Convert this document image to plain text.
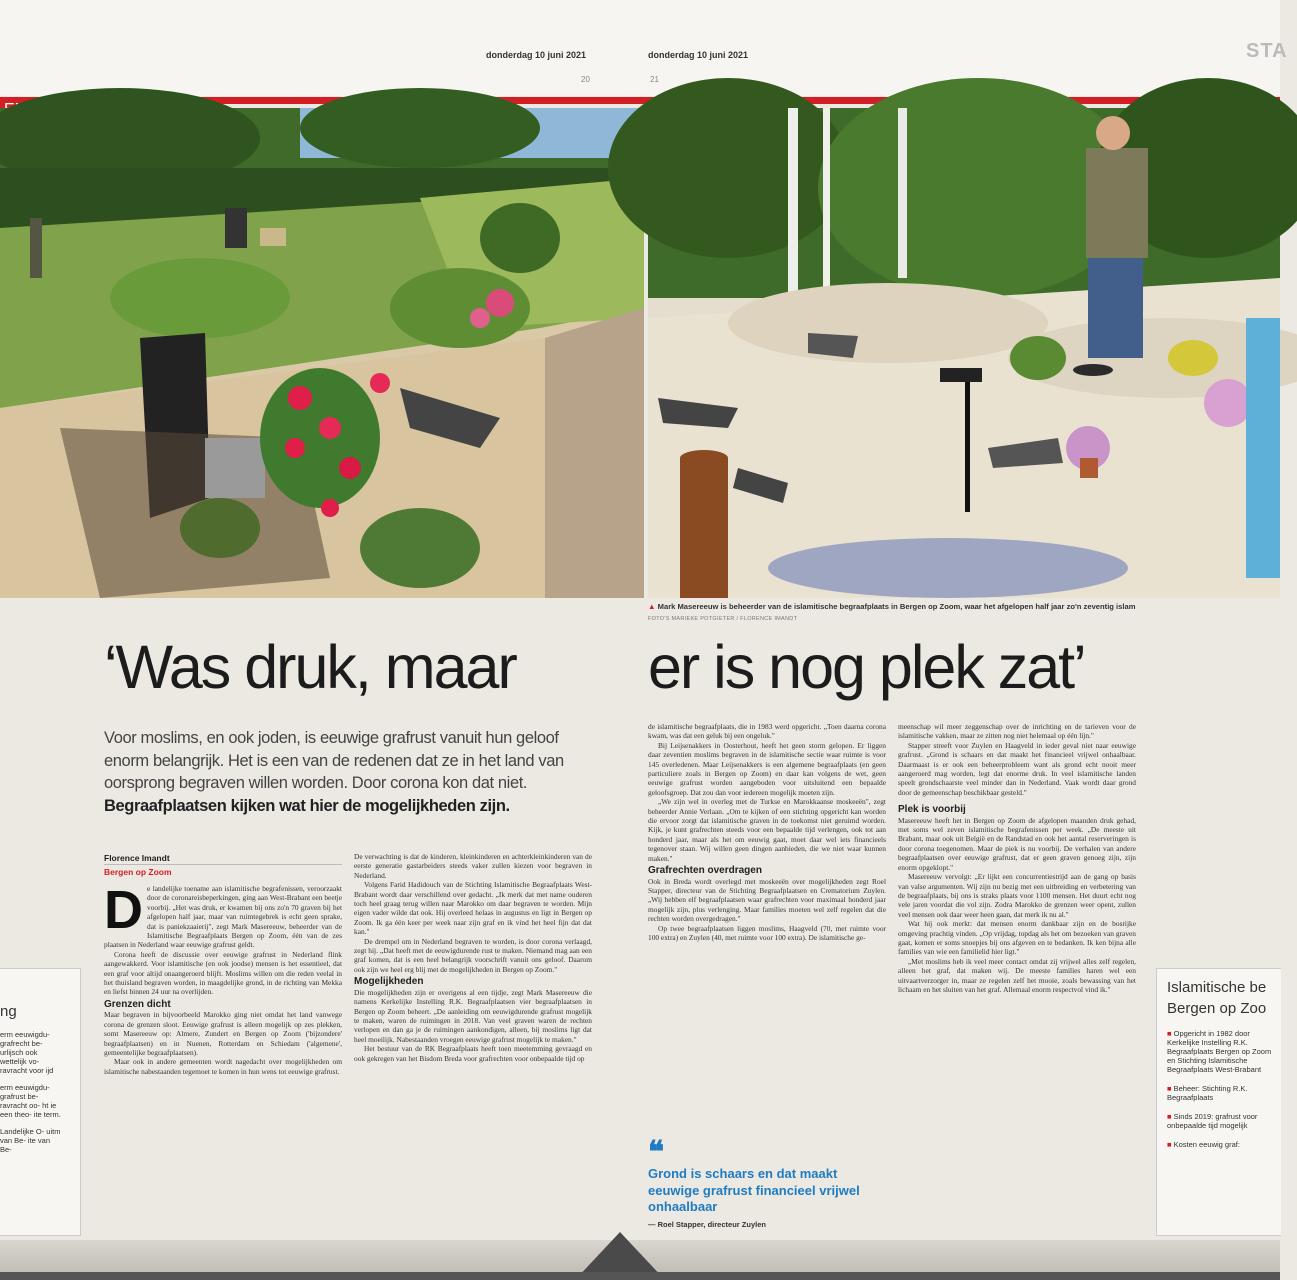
donderdag 10 juni 2021
20
donderdag 10 juni 2021
21
STA
▲ Mark Masereeuw is beheerder van de islamitische begraafplaats in Bergen op Zoom, waar het afgelopen half jaar zo'n zeventig islam
FOTO'S MARIEKE POTGIETER / FLORENCE IMANDT
‘Was druk, maar er is nog plek zat’
Voor moslims, en ook joden, is eeuwige grafrust vanuit hun geloof enorm belangrijk. Het is een van de redenen dat ze in het land van oorsprong begraven willen worden. Door corona kon dat niet. Begraafplaatsen kijken wat hier de mogelijkheden zijn.
Florence Imandt
Bergen op Zoom
D e landelijke toename aan islamitische begrafenissen, veroorzaakt door de coronareisbeperkingen, ging aan West-Brabant een beetje voorbij. „Het was druk, er kwamen bij ons zo'n 70 graven bij het afgelopen half jaar, maar van ruimtegebrek is echt geen sprake, dat is paniekzaaierij", zegt Mark Masereeuw, beheerder van de Islamitische Begraafplaats Bergen op Zoom, één van de zes plaatsen in Nederland waar eeuwige grafrust geldt.

Corona heeft de discussie over eeuwige grafrust in Nederland flink aangewakkerd. Voor islamitische (en ook joodse) mensen is het essentieel, dat een graf voor altijd onaangeroerd blijft. Moslims willen om die reden veelal in het thuisland begraven worden, in maagdelijke grond, in de richting van Mekka en liefst binnen 24 uur na overlijden.

Grenzen dicht

Maar begraven in bijvoorbeeld Marokko ging niet omdat het land vanwege corona de grenzen sloot. Eeuwige grafrust is alleen mogelijk op zes plekken, somt Masereeuw op: Almere, Zundert en Bergen op Zoom ('bijzondere' begraafplaatsen) en in Nuenen, Rotterdam en Schiedam ('algemene', gemeentelijke begraafplaatsen).

Maar ook in andere gemeenten wordt nagedacht over mogelijkheden om islamitische nabestaanden tegemoet te komen in hun wens tot eeuwige grafrust.

De verwachting is dat de kinderen, kleinkinderen en achterkleinkinderen van de eerste generatie gastarbeiders steeds vaker zullen kiezen voor begraven in Nederland.

Volgens Farid Hadidouch van de Stichting Islamitische Begraafplaats West-Brabant wordt daar verschillend over gedacht. „Ik merk dat met name ouderen toch heel graag terug willen naar Marokko om daar begraven te worden. Mijn eigen vader wilde dat ook. Hij overleed helaas in augustus en ligt in Bergen op Zoom. Ik ga één keer per week naar zijn graf en ik vind het heel fijn dat dat kan."

De drempel om in Nederland begraven te worden, is door corona verlaagd, zegt hij. „Dat heeft met de eeuwigdurende rust te maken. Niemand mag aan een graf komen, dat is een heel belangrijk voorschrift vanuit ons geloof. Daarom ook zijn we heel erg blij met de mogelijkheden in Bergen op Zoom."

Mogelijkheden

Die mogelijkheden zijn er overigens al een tijdje, zegt Mark Masereeuw die namens Kerkelijke Instelling R.K. Begraafplaatsen vier begraafplaatsen in Bergen op Zoom beheert. „De aanleiding om eeuwigdurende grafrust mogelijk te maken, waren de ruimingen in 2018. Van veel graven waren de rechten verlopen en dan ga je de ruimingen aankondigen, alleen, bij moslims ligt dat heel moeilijk. Nabestaanden vroegen eeuwige grafrust mogelijk te maken."

Het bestuur van de RK Begraafplaats heeft toen meetemming gevraagd en ook gekregen van het Bisdom Breda voor grafrechten voor onbepaalde tijd op

de islamitische begraafplaats, die in 1983 werd opgericht. „Toen daarna corona kwam, was dat een geluk bij een ongeluk."

Bij Leijsenakkers in Oosterhout, heeft het geen storm gelopen. Er liggen daar zeventien moslims begraven in de islamitische sectie waar ruimte is voor 145 overledenen. Maar Leijsenakkers is een algemene begraafplaats (en geen particuliere zoals in Bergen op Zoom) en daar kan volgens de wet, geen eeuwige grafrust worden aangeboden voor uitsluitend een bepaalde geloofsgroep. Dat zou dan voor iedereen mogelijk moeten zijn.

„We zijn wel in overleg met de Turkse en Marokkaanse moskeeën", zegt beheerder Annie Verlaan. „Om te kijken of een stichting opgericht kan worden die ervoor zorgt dat islamitische graven in de toekomst niet geruimd worden. Kijk, je kunt grafrechten steeds voor een bepaalde tijd verlengen, ook tot aan honderd jaar, maar als het om eeuwig gaat, moet daar wel iets financieels tegenover staan. Wij willen geen dingen aanbieden, die we niet waar kunnen maken."

Grafrechten overdragen

Ook in Breda wordt overlegd met moskeeën over mogelijkheden zegt Roel Stapper, directeur van de Stichting Begraafplaatsen en Crematorium Zuylen. „Wij hebben elf begraafplaatsen waar grafrechten voor maximaal honderd jaar mogelijk zijn, plus verlenging. Maar families moeten wel zelf regelen dat die rechten worden overgedragen."

Op twee begraafplaatsen liggen moslims, Haagveld (70, met ruimte voor 100 extra) en Zuylen (40, met ruimte voor 100 extra). De islamitische ge-

❝
Grond is schaars en dat maakt eeuwige grafrust financieel vrijwel onhaalbaar
— Roel Stapper, directeur Zuylen

meenschap wil meer zeggenschap over de inrichting en de tarieven voor de islamitische vakken, maar ze zitten nog niet helemaal op één lijn."

Stapper streeft voor Zuylen en Haagveld in ieder geval niet naar eeuwige grafrust. „Grond is schaars en dat maakt het financieel vrijwel onhaalbaar. Daarmaast is er ook een beheerprobleem want als grond echt nooit meer aangeroerd mag worden, legt dat enorme druk. In veel islamitische landen speelt grondschaarste veel minder dan in Nederland. Vaak wordt daar grond door de gemeenschap beschikbaar gesteld."

Plek is voorbij

Masereeuw heeft het in Bergen op Zoom de afgelopen maanden druk gehad, met soms wel zeven islamitische begrafenissen per week. „De meeste uit Brabant, maar ook uit België en de Randstad en ook het aantal reserveringen is door corona toegenomen. Maar de piek is nu voorbij. De verhalen van andere begraafplaatsen over eeuwige grafrust, dat er geen graven genoeg zijn, zijn enorm opgeklopt."

Masereeuw vervolgt: „Er lijkt een concurrentiestrijd aan de gang op basis van valse argumenten. Wij zijn nu bezig met een uitbreiding en verbetering van de begraafplaats, bij ons is straks plaats voor 1100 mensen. Het duurt echt nog vele jaren voordat die vol zijn. Zodra Marokko de grenzen weer opent, zullen veel mensen ook daar weer heen gaan, dat merk ik nu al."

Wat hij ook merkt: dat mensen enorm dankbaar zijn en de bosrijke omgeving prachtig vinden. „Op vrijdag, topdag als het om bezoeken van graven gaat, komen er soms snoepjes bij ons afgeven en te bedanken. Ik ken bijna alle families van wie een familielid hier ligt."

„Met moslims heb ik veel meer contact omdat zij vrijwel alles zelf regelen, alleen het graf, dat maken wij. De meeste families haren wel een uitvaartverzorger in, maar ze regelen zelf het mooie, zoals bewassing van het lichaam en het sluiten van het graf. Allemaal enorm respectvol vind ik."

ng
erm eeuwigdu- grafrecht be- urlijsch ook wettelijk vo- ravracht voor ijd
erm eeuwigdu- grafrust be- ravracht oo- ht ie een theo- ite term.
Landelijke O- uitm van Be- ite van Be-
Islamitische be Bergen op Zoo
■ Opgericht in 1982 door Kerkelijke Instelling R.K. Begraafplaats Bergen op Zoom en Stichting Islamitische Begraafplaats West-Brabant
■ Beheer: Stichting R.K. Begraafplaats
■ Sinds 2019: grafrust voor onbepaalde tijd mogelijk
■ Kosten eeuwig graf:
